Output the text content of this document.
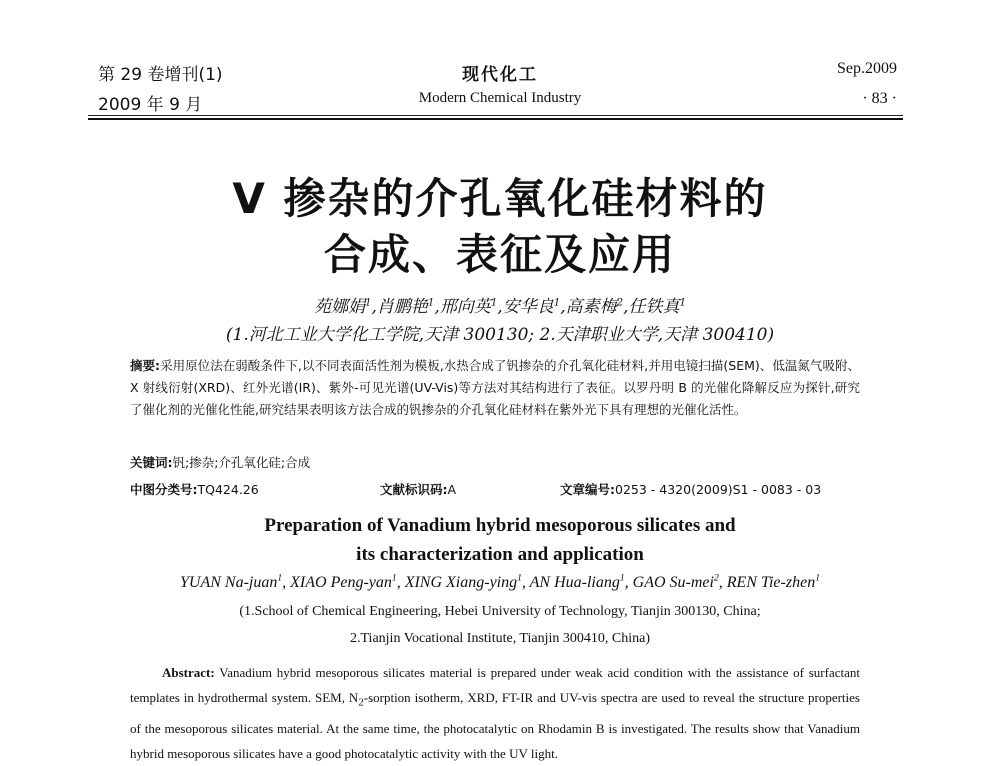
第 29 卷增刊(1)
2009 年 9 月
现代化工
Modern Chemical Industry
Sep.2009
· 83 ·
V 掺杂的介孔氧化硅材料的
合成、表征及应用
苑娜娟$^1$,肖鹏艳$^1$,邢向英$^1$,安华良$^1$,高素梅$^2$,任铁真$^1$
(1.河北工业大学化工学院,天津 300130; 2.天津职业大学,天津 300410)
摘要:采用原位法在弱酸条件下,以不同表面活性剂为模板,水热合成了钒掺杂的介孔氧化硅材料,并用电镜扫描(SEM)、低温氮气吸附、X 射线衍射(XRD)、红外光谱(IR)、紫外-可见光谱(UV-Vis)等方法对其结构进行了表征。以罗丹明 B 的光催化降解反应为探针,研究了催化剂的光催化性能,研究结果表明该方法合成的钒掺杂的介孔氧化硅材料在紫外光下具有理想的光催化活性。
关键词:钒;掺杂;介孔氧化硅;合成
中图分类号:TQ424.26	文献标识码:A	文章编号:0253 - 4320(2009)S1 - 0083 - 03
Preparation of Vanadium hybrid mesoporous silicates and
its characterization and application
YUAN Na-juan$^1$, XIAO Peng-yan$^1$, XING Xiang-ying$^1$, AN Hua-liang$^1$, GAO Su-mei$^2$, REN Tie-zhen$^1$
(1.School of Chemical Engineering, Hebei University of Technology, Tianjin 300130, China;
2.Tianjin Vocational Institute, Tianjin 300410, China)
Abstract: Vanadium hybrid mesoporous silicates material is prepared under weak acid condition with the assistance of surfactant templates in hydrothermal system. SEM, $N_2$-sorption isotherm, XRD, FT-IR and UV-vis spectra are used to reveal the structure properties of the mesoporous silicates material. At the same time, the photocatalytic on Rhodamin B is investigated. The results show that Vanadium hybrid mesoporous silicates have a good photocatalytic activity with the UV light.
